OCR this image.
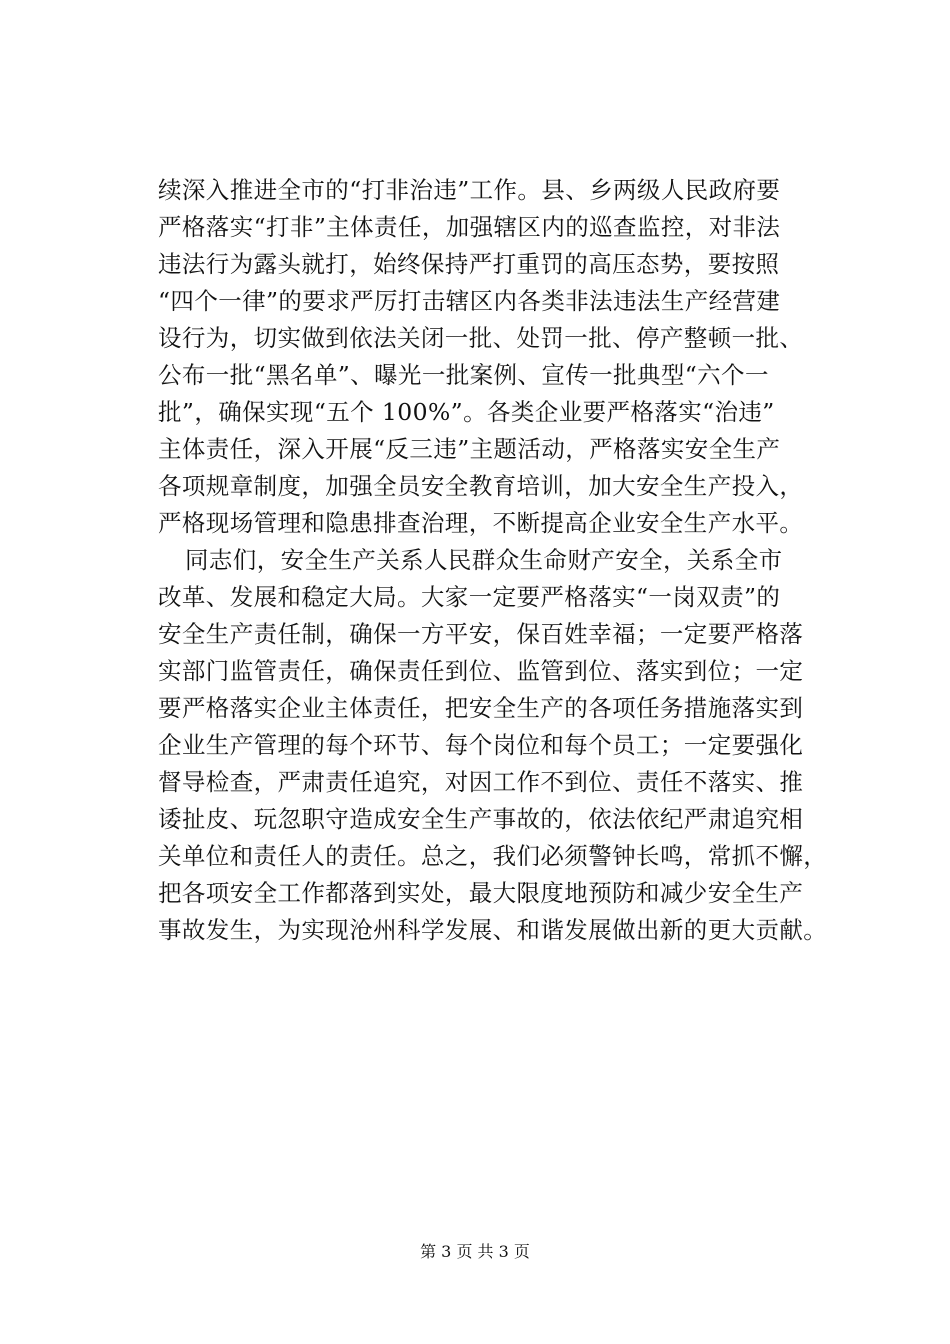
续深入推进全市的“打非治违”工作。县、乡两级人民政府要
严格落实“打非”主体责任，加强辖区内的巡查监控，对非法
违法行为露头就打，始终保持严打重罚的高压态势，要按照
“四个一律”的要求严厉打击辖区内各类非法违法生产经营建
设行为，切实做到依法关闭一批、处罚一批、停产整顿一批、
公布一批“黑名单”、曝光一批案例、宣传一批典型“六个一
批”，确保实现“五个 100%”。各类企业要严格落实“治违”
主体责任，深入开展“反三违”主题活动，严格落实安全生产
各项规章制度，加强全员安全教育培训，加大安全生产投入，
严格现场管理和隐患排查治理，不断提高企业安全生产水平。
同志们，安全生产关系人民群众生命财产安全，关系全市
改革、发展和稳定大局。大家一定要严格落实“一岗双责”的
安全生产责任制，确保一方平安，保百姓幸福；一定要严格落
实部门监管责任，确保责任到位、监管到位、落实到位；一定
要严格落实企业主体责任，把安全生产的各项任务措施落实到
企业生产管理的每个环节、每个岗位和每个员工；一定要强化
督导检查，严肃责任追究，对因工作不到位、责任不落实、推
诿扯皮、玩忽职守造成安全生产事故的，依法依纪严肃追究相
关单位和责任人的责任。总之，我们必须警钟长鸣，常抓不懈，
把各项安全工作都落到实处，最大限度地预防和减少安全生产
事故发生，为实现沧州科学发展、和谐发展做出新的更大贡献。
第 3 页 共 3 页
